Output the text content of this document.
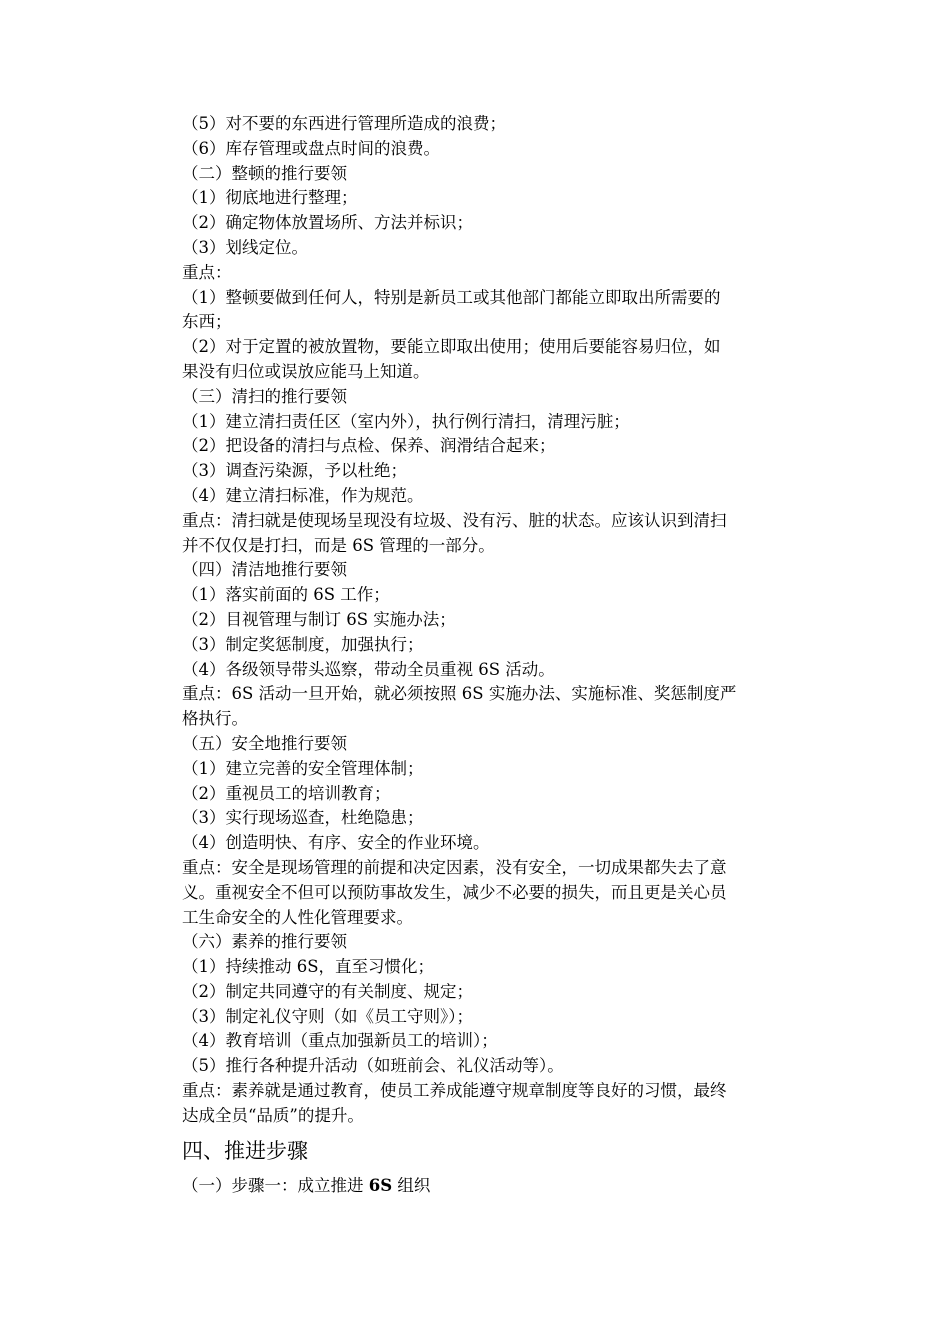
（5）对不要的东西进行管理所造成的浪费；
（6）库存管理或盘点时间的浪费。
（二）整顿的推行要领
（1）彻底地进行整理；
（2）确定物体放置场所、方法并标识；
（3）划线定位。
重点：
（1）整顿要做到任何人，特别是新员工或其他部门都能立即取出所需要的
东西；
（2）对于定置的被放置物，要能立即取出使用；使用后要能容易归位，如
果没有归位或误放应能马上知道。
（三）清扫的推行要领
（1）建立清扫责任区（室内外），执行例行清扫，清理污脏；
（2）把设备的清扫与点检、保养、润滑结合起来；
（3）调查污染源，予以杜绝；
（4）建立清扫标准，作为规范。
重点：清扫就是使现场呈现没有垃圾、没有污、脏的状态。应该认识到清扫
并不仅仅是打扫，而是 6S 管理的一部分。
（四）清洁地推行要领
（1）落实前面的 6S 工作；
（2）目视管理与制订 6S 实施办法；
（3）制定奖惩制度，加强执行；
（4）各级领导带头巡察，带动全员重视 6S 活动。
重点：6S 活动一旦开始，就必须按照 6S 实施办法、实施标准、奖惩制度严
格执行。
（五）安全地推行要领
（1）建立完善的安全管理体制；
（2）重视员工的培训教育；
（3）实行现场巡查，杜绝隐患；
（4）创造明快、有序、安全的作业环境。
重点：安全是现场管理的前提和决定因素，没有安全，一切成果都失去了意
义。重视安全不但可以预防事故发生，减少不必要的损失，而且更是关心员
工生命安全的人性化管理要求。
（六）素养的推行要领
（1）持续推动 6S，直至习惯化；
（2）制定共同遵守的有关制度、规定；
（3）制定礼仪守则（如《员工守则》）；
（4）教育培训（重点加强新员工的培训）；
（5）推行各种提升活动（如班前会、礼仪活动等）。
重点：素养就是通过教育，使员工养成能遵守规章制度等良好的习惯，最终
达成全员“品质”的提升。
四、推进步骤
（一）步骤一：成立推进 6S 组织
